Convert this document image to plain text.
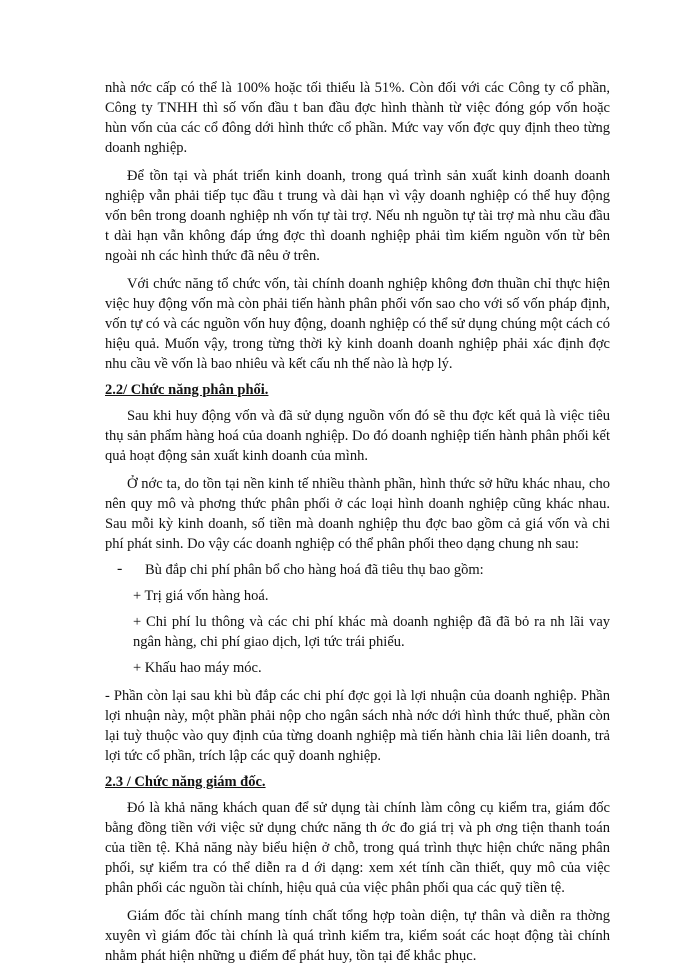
nhà nớc cấp có thể là 100% hoặc tối thiểu là 51%. Còn đối với các Công ty cổ phần, Công ty TNHH thì số vốn đầu t ban đầu đợc hình thành từ việc đóng góp vốn hoặc hùn vốn của các cổ đông dới hình thức cổ phần. Mức vay vốn đợc quy định theo từng doanh nghiệp.

Để tồn tại và phát triển kinh doanh, trong quá trình sản xuất kinh doanh doanh nghiệp vẫn phải tiếp tục đầu t trung và dài hạn vì vậy doanh nghiệp có thể huy động vốn bên trong doanh nghiệp nh vốn tự tài trợ. Nếu nh nguồn tự tài trợ mà nhu cầu đầu t dài hạn vẫn không đáp ứng đợc thì doanh nghiệp phải tìm kiếm nguồn vốn từ bên ngoài nh các hình thức đã nêu ở trên.

Với chức năng tổ chức vốn, tài chính doanh nghiệp không đơn thuần chỉ thực hiện việc huy động vốn mà còn phải tiến hành phân phối vốn sao cho với số vốn pháp định, vốn tự có và các nguồn vốn huy động, doanh nghiệp có thể sử dụng chúng một cách có hiệu quả. Muốn vậy, trong từng thời kỳ kinh doanh doanh nghiệp phải xác định đợc nhu cầu về vốn là bao nhiêu và kết cấu nh thế nào là hợp lý.

2.2/ Chức năng phân phối.

Sau khi huy động vốn và đã sử dụng nguồn vốn đó sẽ thu đợc kết quả là việc tiêu thụ sản phẩm hàng hoá của doanh nghiệp. Do đó doanh nghiệp tiến hành phân phối kết quả hoạt động sản xuất kinh doanh của mình.

Ở nớc ta, do tồn tại nền kinh tế nhiều thành phần, hình thức sở hữu khác nhau, cho nên quy mô và phơng thức phân phối ở các loại hình doanh nghiệp cũng khác nhau. Sau mỗi kỳ kinh doanh, số tiền mà doanh nghiệp thu đợc bao gồm cả giá vốn và chi phí phát sinh. Do vậy các doanh nghiệp có thể phân phối theo dạng chung nh sau:

-	Bù đắp chi phí phân bổ cho hàng hoá đã tiêu thụ bao gồm:

+ Trị giá vốn hàng hoá.

+ Chi phí lu thông và các chi phí khác mà doanh nghiệp đã đã bỏ ra nh lãi vay ngân hàng, chi phí giao dịch, lợi tức trái phiếu.

+ Khấu hao máy móc.

- Phần còn lại sau khi bù đắp các chi phí đợc gọi là lợi nhuận của doanh nghiệp. Phần lợi nhuận này, một phần phải nộp cho ngân sách nhà nớc dới hình thức thuế, phần còn lại tuỳ thuộc vào quy định của từng doanh nghiệp mà tiến hành chia lãi liên doanh, trả lợi tức cổ phần, trích lập các quỹ doanh nghiệp.

2.3 / Chức năng giám đốc.

Đó là khả năng khách quan để sử dụng tài chính làm công cụ kiểm tra, giám đốc bằng đồng tiền với việc sử dụng chức năng th ớc đo giá trị và ph ơng tiện thanh toán của tiền tệ. Khả năng này biểu hiện ở chỗ, trong quá trình thực hiện chức năng phân phối, sự kiểm tra có thể diễn ra d ới dạng: xem xét tính cần thiết, quy mô của việc phân phối các nguồn tài chính, hiệu quả của việc phân phối qua các quỹ tiền tệ.

Giám đốc tài chính mang tính chất tổng hợp toàn diện, tự thân và diễn ra thờng xuyên vì giám đốc tài chính là quá trình kiểm tra, kiểm soát các hoạt động tài chính nhằm phát hiện những u điểm để phát huy, tồn tại để khắc phục.
